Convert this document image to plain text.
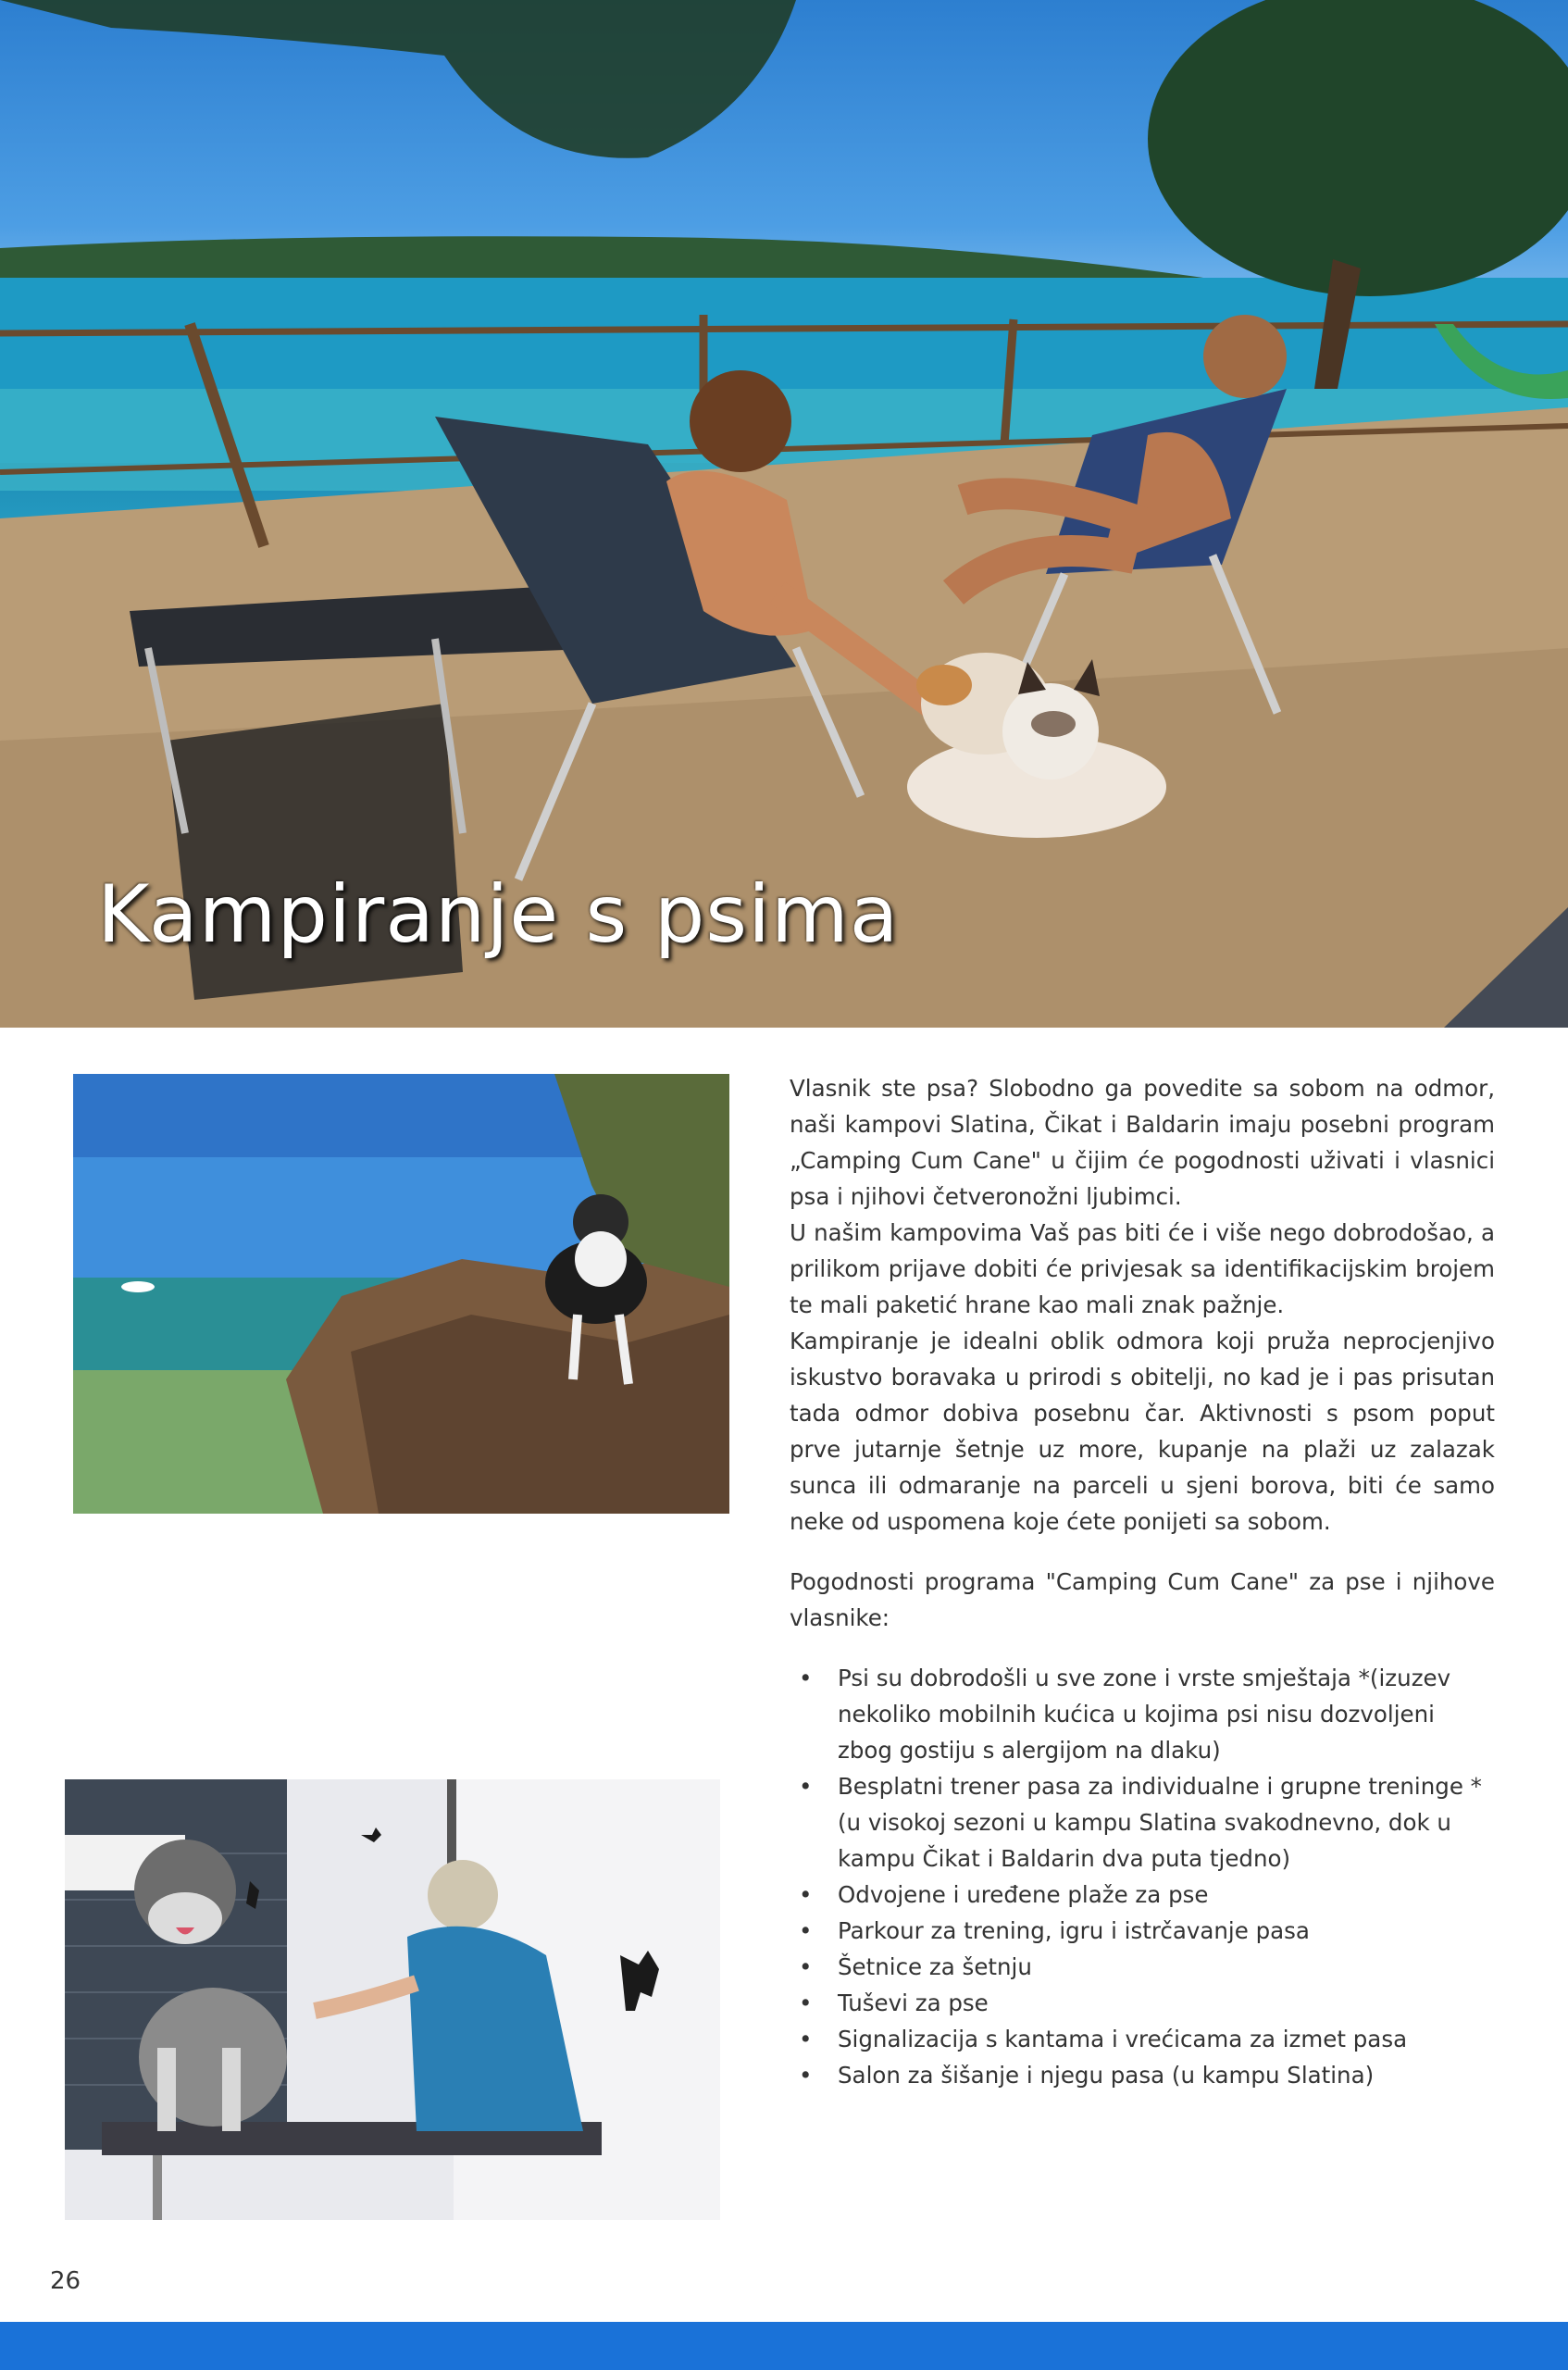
Kampiranje s psima

Vlasnik ste psa? Slobodno ga povedite sa sobom na odmor, naši kampovi Slatina, Čikat i Baldarin imaju posebni program „Camping Cum Cane" u čijim će pogodnosti uživati i vlasnici psa i njihovi četveronožni ljubimci.

U našim kampovima Vaš pas biti će i više nego dobrodošao, a prilikom prijave dobiti će privjesak sa identifikacijskim brojem te mali paketić hrane kao mali znak pažnje.

Kampiranje je idealni oblik odmora koji pruža neprocjenjivo iskustvo boravaka u prirodi s obitelji, no kad je i pas prisutan tada odmor dobiva posebnu čar. Aktivnosti s psom poput prve jutarnje šetnje uz more, kupanje na plaži uz zalazak sunca ili odmaranje na parceli u sjeni borova, biti će samo neke od uspomena koje ćete ponijeti sa sobom.

Pogodnosti programa "Camping Cum Cane" za pse i njihove vlasnike:

• Psi su dobrodošli u sve zone i vrste smještaja *(izuzev nekoliko mobilnih kućica u kojima psi nisu dozvoljeni zbog gostiju s alergijom na dlaku)
• Besplatni trener pasa za individualne i grupne treninge *(u visokoj sezoni u kampu Slatina svakodnevno, dok u kampu Čikat i Baldarin dva puta tjedno)
• Odvojene i uređene plaže za pse
• Parkour za trening, igru i istrčavanje pasa
• Šetnice za šetnju
• Tuševi za pse
• Signalizacija s kantama i vrećicama za izmet pasa
• Salon za šišanje i njegu pasa (u kampu Slatina)
26
